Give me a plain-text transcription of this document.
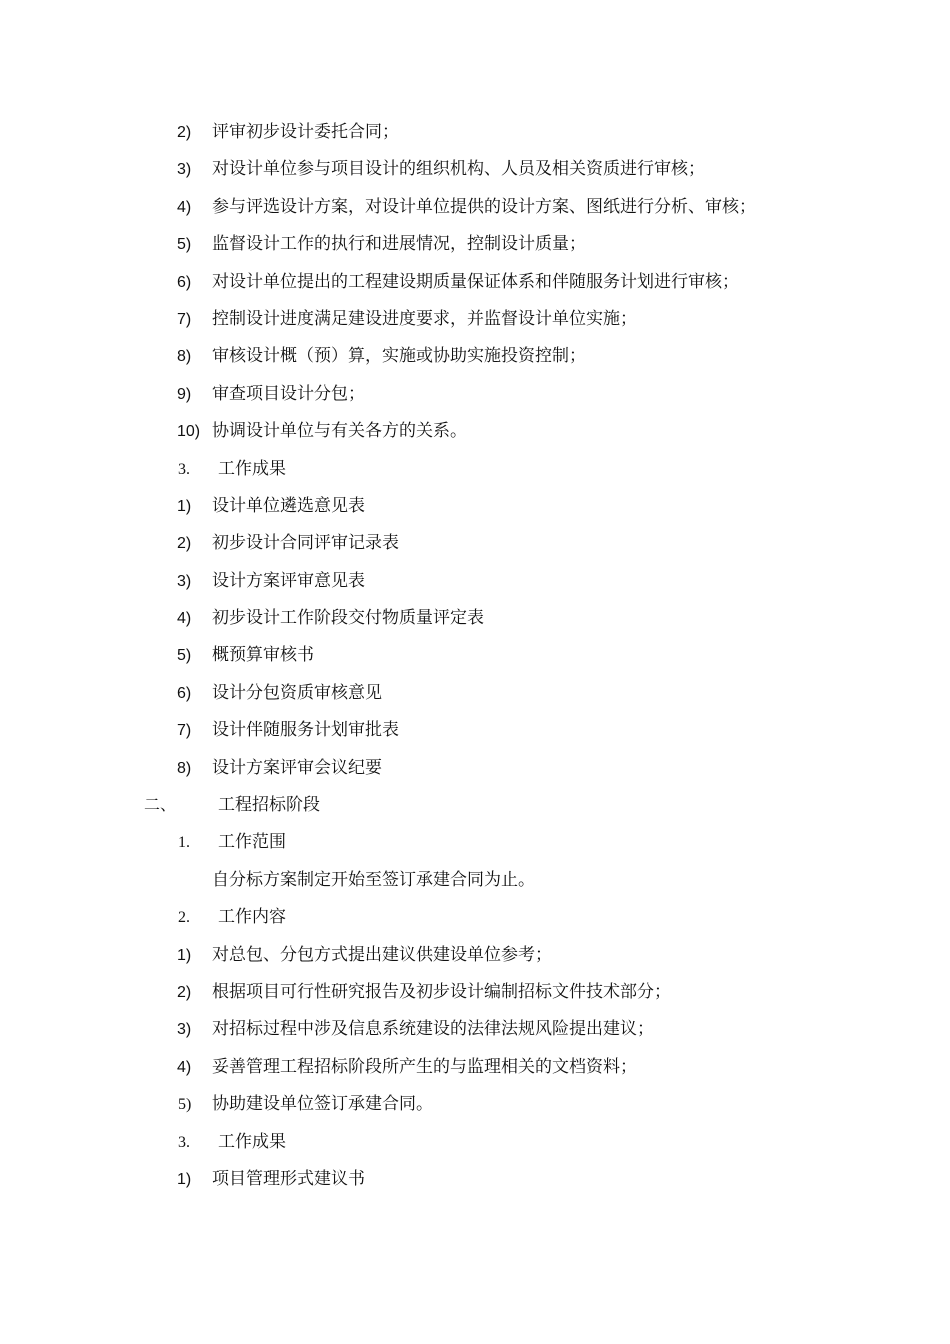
2) 评审初步设计委托合同；
3) 对设计单位参与项目设计的组织机构、人员及相关资质进行审核；
4) 参与评选设计方案，对设计单位提供的设计方案、图纸进行分析、审核；
5) 监督设计工作的执行和进展情况，控制设计质量；
6) 对设计单位提出的工程建设期质量保证体系和伴随服务计划进行审核；
7) 控制设计进度满足建设进度要求，并监督设计单位实施；
8) 审核设计概（预）算，实施或协助实施投资控制；
9) 审查项目设计分包；
10) 协调设计单位与有关各方的关系。
3. 工作成果
1) 设计单位遴选意见表
2) 初步设计合同评审记录表
3) 设计方案评审意见表
4) 初步设计工作阶段交付物质量评定表
5) 概预算审核书
6) 设计分包资质审核意见
7) 设计伴随服务计划审批表
8) 设计方案评审会议纪要
二、 工程招标阶段
1. 工作范围
自分标方案制定开始至签订承建合同为止。
2. 工作内容
1) 对总包、分包方式提出建议供建设单位参考；
2) 根据项目可行性研究报告及初步设计编制招标文件技术部分；
3) 对招标过程中涉及信息系统建设的法律法规风险提出建议；
4) 妥善管理工程招标阶段所产生的与监理相关的文档资料；
5) 协助建设单位签订承建合同。
3. 工作成果
1) 项目管理形式建议书
